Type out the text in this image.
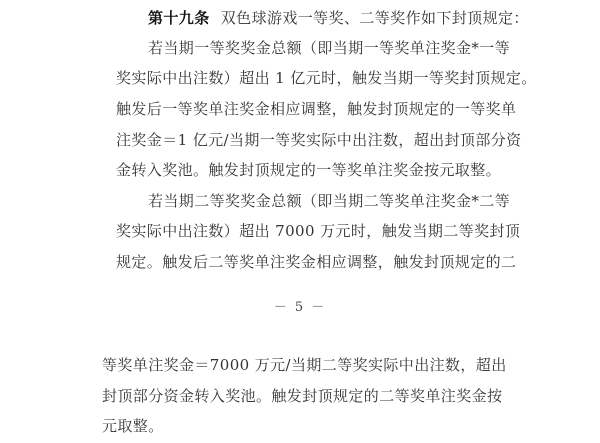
第十九条 双色球游戏一等奖、二等奖作如下封顶规定：
若当期一等奖奖金总额（即当期一等奖单注奖金*一等
奖实际中出注数）超出 1 亿元时，触发当期一等奖封顶规定。
触发后一等奖单注奖金相应调整，触发封顶规定的一等奖单
注奖金＝1 亿元/当期一等奖实际中出注数，超出封顶部分资
金转入奖池。触发封顶规定的一等奖单注奖金按元取整。
若当期二等奖奖金总额（即当期二等奖单注奖金*二等
奖实际中出注数）超出 7000 万元时，触发当期二等奖封顶
规定。触发后二等奖单注奖金相应调整，触发封顶规定的二
－ 5 －
等奖单注奖金＝7000 万元/当期二等奖实际中出注数，超出
封顶部分资金转入奖池。触发封顶规定的二等奖单注奖金按
元取整。
